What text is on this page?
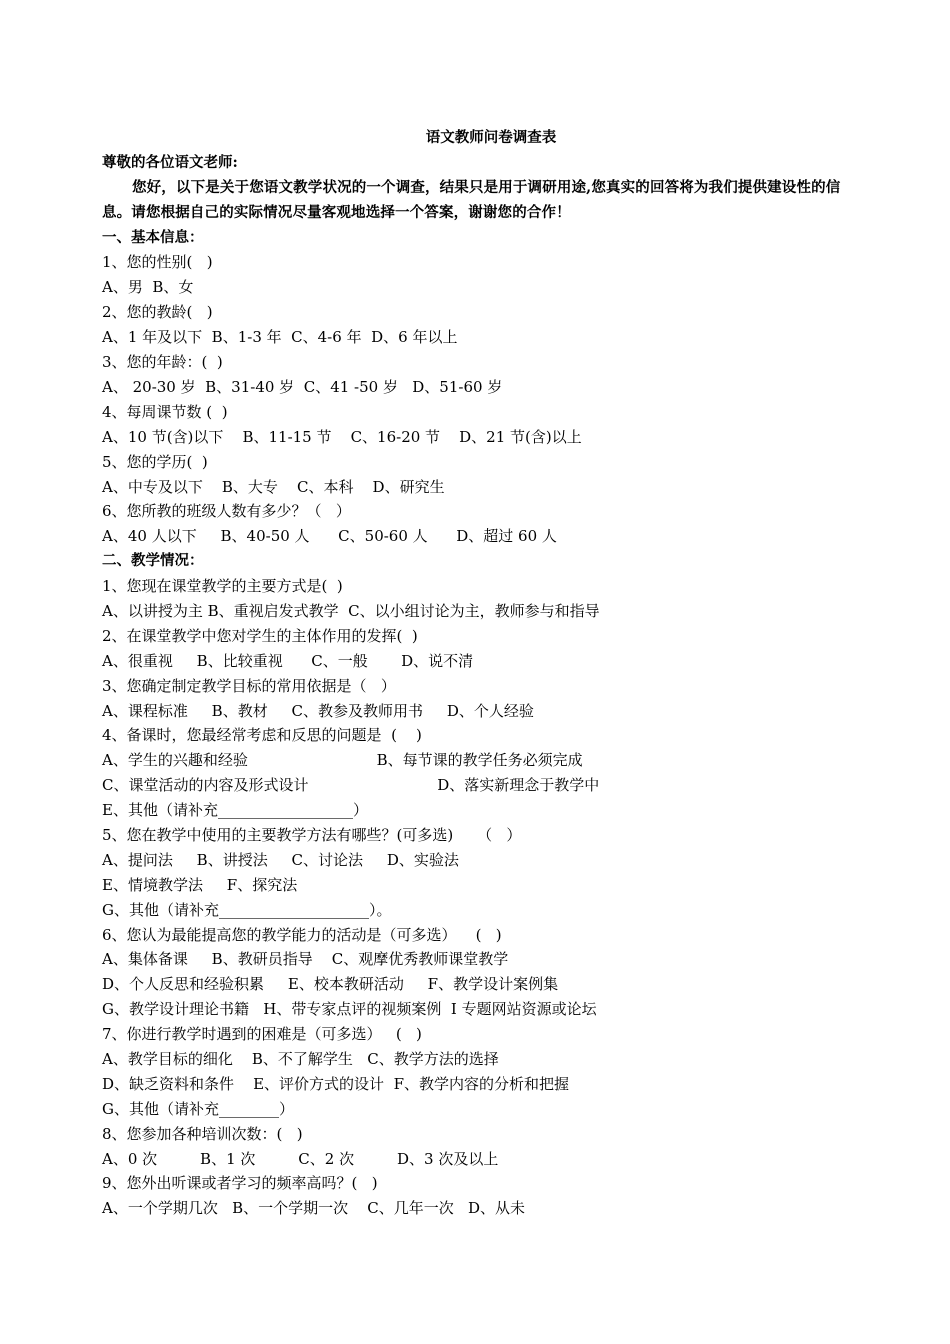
语文教师问卷调查表
尊敬的各位语文老师:
您好，以下是关于您语文教学状况的一个调查，结果只是用于调研用途,您真实的回答将为我们提供建设性的信息。请您根据自己的实际情况尽量客观地选择一个答案，谢谢您的合作！
一、基本信息：
1、您的性别(   )
A、男  B、女
2、您的教龄(   )
A、1 年及以下  B、1-3 年  C、4-6 年  D、6 年以上
3、您的年龄：(  )
A、 20-30 岁  B、31-40 岁  C、41 -50 岁   D、51-60 岁
4、每周课节数 (  )
A、10 节(含)以下    B、11-15 节    C、16-20 节    D、21 节(含)以上
5、您的学历(  )
A、中专及以下    B、大专    C、本科    D、研究生
6、您所教的班级人数有多少？（   ）
A、40 人以下     B、40-50 人      C、50-60 人      D、超过 60 人
二、教学情况：
1、您现在课堂教学的主要方式是(  )
A、以讲授为主 B、重视启发式教学  C、以小组讨论为主，教师参与和指导
2、在课堂教学中您对学生的主体作用的发挥(  )
A、很重视     B、比较重视      C、一般       D、说不清
3、您确定制定教学目标的常用依据是（   ）
A、课程标准     B、教材     C、教参及教师用书     D、个人经验
4、备课时，您最经常考虑和反思的问题是  (    )
A、学生的兴趣和经验                           B、每节课的教学任务必须完成
C、课堂活动的内容及形式设计                           D、落实新理念于教学中
E、其他（请补充__________________）
5、您在教学中使用的主要教学方法有哪些？(可多选)     （   ）
A、提问法     B、讲授法     C、讨论法     D、实验法
E、情境教学法     F、探究法
G、其他（请补充____________________）。
6、您认为最能提高您的教学能力的活动是（可多选）    (   )
A、集体备课     B、教研员指导    C、观摩优秀教师课堂教学
D、个人反思和经验积累     E、校本教研活动     F、教学设计案例集
G、教学设计理论书籍   H、带专家点评的视频案例  I 专题网站资源或论坛
7、你进行教学时遇到的困难是（可多选）   (   )
A、教学目标的细化    B、不了解学生   C、教学方法的选择
D、缺乏资料和条件    E、评价方式的设计  F、教学内容的分析和把握
G、其他（请补充________）
8、您参加各种培训次数：(   )
A、0 次         B、1 次         C、2 次         D、3 次及以上
9、您外出听课或者学习的频率高吗？(   )
A、一个学期几次   B、一个学期一次    C、几年一次   D、从未
